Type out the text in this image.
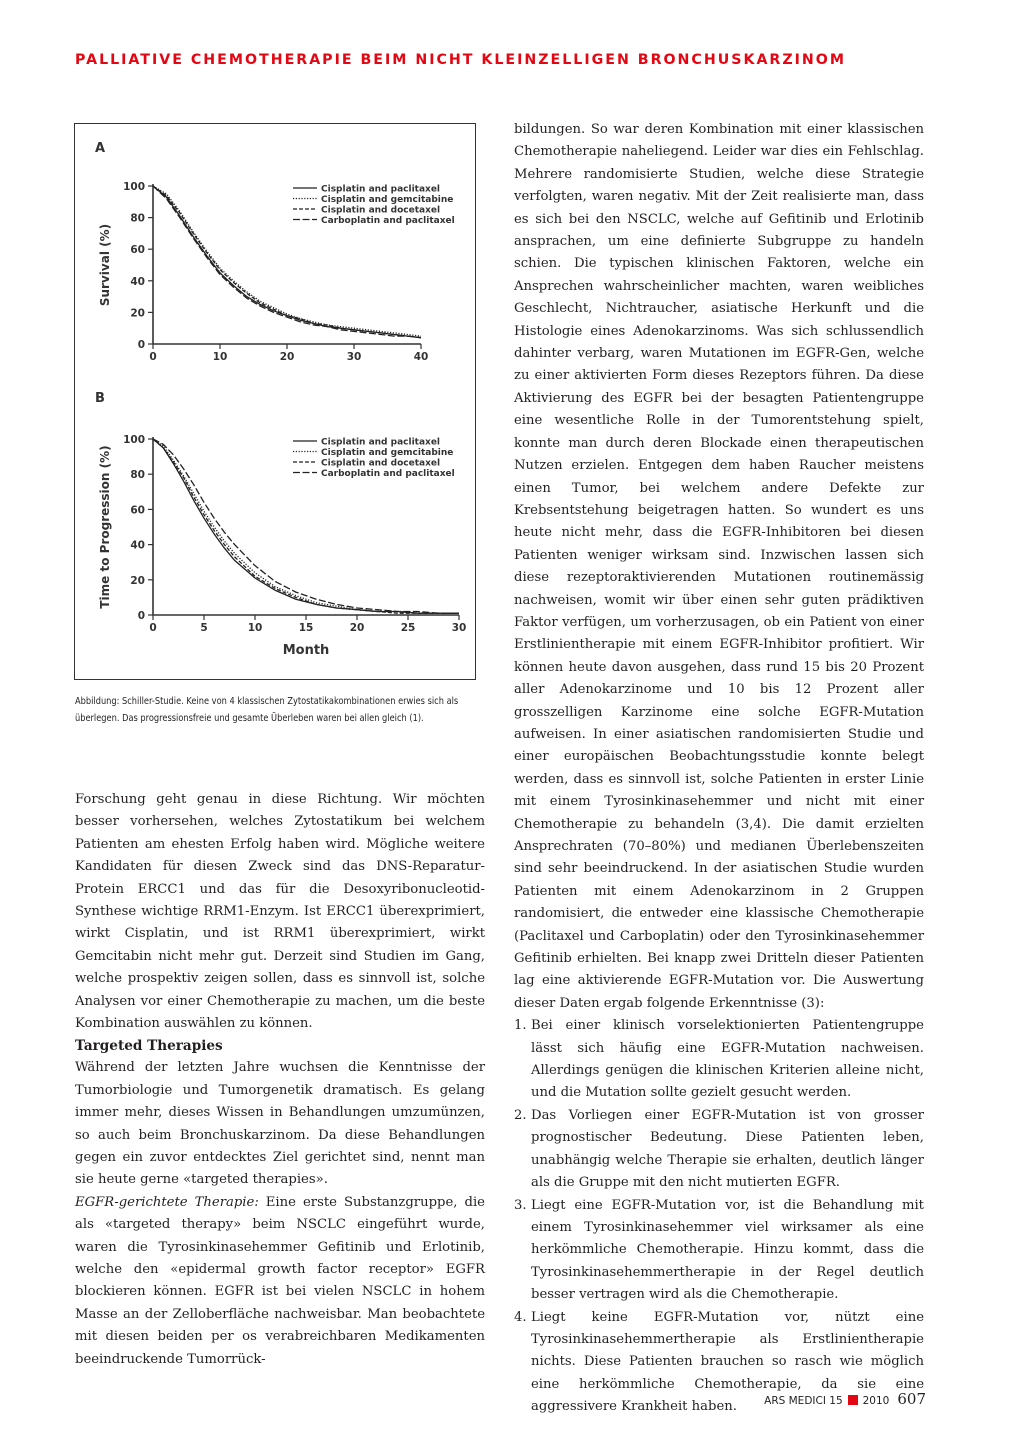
PALLIATIVE CHEMOTHERAPIE BEIM NICHT KLEINZELLIGEN BRONCHUSKARZINOM
A
0
20
40
60
80
100
0	10	20	30	40
Survival (%)
Cisplatin and paclitaxel
Cisplatin and gemcitabine
Cisplatin and docetaxel
Carboplatin and paclitaxel
B
0
20
40
60
80
100
0	5	10	15	20	25	30
Time to Progression (%)
Month
Cisplatin and paclitaxel
Cisplatin and gemcitabine
Cisplatin and docetaxel
Carboplatin and paclitaxel
Abbildung: Schiller-Studie. Keine von 4 klassischen Zytostatikakombinationen erwies sich als überlegen. Das progressionsfreie und gesamte Überleben waren bei allen gleich (1).

Forschung geht genau in diese Richtung. Wir möchten besser vorhersehen, welches Zytostatikum bei welchem Patienten am ehesten Erfolg haben wird. Mögliche weitere Kandidaten für diesen Zweck sind das DNS-Reparatur-Protein ERCC1 und das für die Desoxyribonucleotid-Synthese wichtige RRM1-Enzym. Ist ERCC1 überexprimiert, wirkt Cisplatin, und ist RRM1 überexprimiert, wirkt Gemcitabin nicht mehr gut. Derzeit sind Studien im Gang, welche prospektiv zeigen sollen, dass es sinnvoll ist, solche Analysen vor einer Chemotherapie zu machen, um die beste Kombination auswählen zu können.

Targeted Therapies

Während der letzten Jahre wuchsen die Kenntnisse der Tumorbiologie und Tumorgenetik dramatisch. Es gelang immer mehr, dieses Wissen in Behandlungen umzumünzen, so auch beim Bronchuskarzinom. Da diese Behandlungen gegen ein zuvor entdecktes Ziel gerichtet sind, nennt man sie heute gerne «targeted therapies».

EGFR-gerichtete Therapie: Eine erste Substanzgruppe, die als «targeted therapy» beim NSCLC eingeführt wurde, waren die Tyrosinkinasehemmer Gefitinib und Erlotinib, welche den «epidermal growth factor receptor» EGFR blockieren können. EGFR ist bei vielen NSCLC in hohem Masse an der Zelloberfläche nachweisbar. Man beobachtete mit diesen beiden per os verabreichbaren Medikamenten beeindruckende Tumorrück-

bildungen. So war deren Kombination mit einer klassischen Chemotherapie naheliegend. Leider war dies ein Fehlschlag. Mehrere randomisierte Studien, welche diese Strategie verfolgten, waren negativ. Mit der Zeit realisierte man, dass es sich bei den NSCLC, welche auf Gefitinib und Erlotinib ansprachen, um eine definierte Subgruppe zu handeln schien. Die typischen klinischen Faktoren, welche ein Ansprechen wahrscheinlicher machten, waren weibliches Geschlecht, Nichtraucher, asiatische Herkunft und die Histologie eines Adenokarzinoms. Was sich schlussendlich dahinter verbarg, waren Mutationen im EGFR-Gen, welche zu einer aktivierten Form dieses Rezeptors führen. Da diese Aktivierung des EGFR bei der besagten Patientengruppe eine wesentliche Rolle in der Tumorentstehung spielt, konnte man durch deren Blockade einen therapeutischen Nutzen erzielen. Entgegen dem haben Raucher meistens einen Tumor, bei welchem andere Defekte zur Krebsentstehung beigetragen hatten. So wundert es uns heute nicht mehr, dass die EGFR-Inhibitoren bei diesen Patienten weniger wirksam sind. Inzwischen lassen sich diese rezeptoraktivierenden Mutationen routinemässig nachweisen, womit wir über einen sehr guten prädiktiven Faktor verfügen, um vorherzusagen, ob ein Patient von einer Erstlinientherapie mit einem EGFR-Inhibitor profitiert. Wir können heute davon ausgehen, dass rund 15 bis 20 Prozent aller Adenokarzinome und 10 bis 12 Prozent aller grosszelligen Karzinome eine solche EGFR-Mutation aufweisen. In einer asiatischen randomisierten Studie und einer europäischen Beobachtungsstudie konnte belegt werden, dass es sinnvoll ist, solche Patienten in erster Linie mit einem Tyrosinkinasehemmer und nicht mit einer Chemotherapie zu behandeln (3,4). Die damit erzielten Ansprechraten (70–80%) und medianen Überlebenszeiten sind sehr beeindruckend. In der asiatischen Studie wurden Patienten mit einem Adenokarzinom in 2 Gruppen randomisiert, die entweder eine klassische Chemotherapie (Paclitaxel und Carboplatin) oder den Tyrosinkinasehemmer Gefitinib erhielten. Bei knapp zwei Dritteln dieser Patienten lag eine aktivierende EGFR-Mutation vor. Die Auswertung dieser Daten ergab folgende Erkenntnisse (3):

1. Bei einer klinisch vorselektionierten Patientengruppe lässt sich häufig eine EGFR-Mutation nachweisen. Allerdings genügen die klinischen Kriterien alleine nicht, und die Mutation sollte gezielt gesucht werden.
2. Das Vorliegen einer EGFR-Mutation ist von grosser prognostischer Bedeutung. Diese Patienten leben, unabhängig welche Therapie sie erhalten, deutlich länger als die Gruppe mit den nicht mutierten EGFR.
3. Liegt eine EGFR-Mutation vor, ist die Behandlung mit einem Tyrosinkinasehemmer viel wirksamer als eine herkömmliche Chemotherapie. Hinzu kommt, dass die Tyrosinkinasehemmertherapie in der Regel deutlich besser vertragen wird als die Chemotherapie.
4. Liegt keine EGFR-Mutation vor, nützt eine Tyrosinkinasehemmertherapie als Erstlinientherapie nichts. Diese Patienten brauchen so rasch wie möglich eine herkömmliche Chemotherapie, da sie eine aggressivere Krankheit haben.	ARS MEDICI 15 2010 607
